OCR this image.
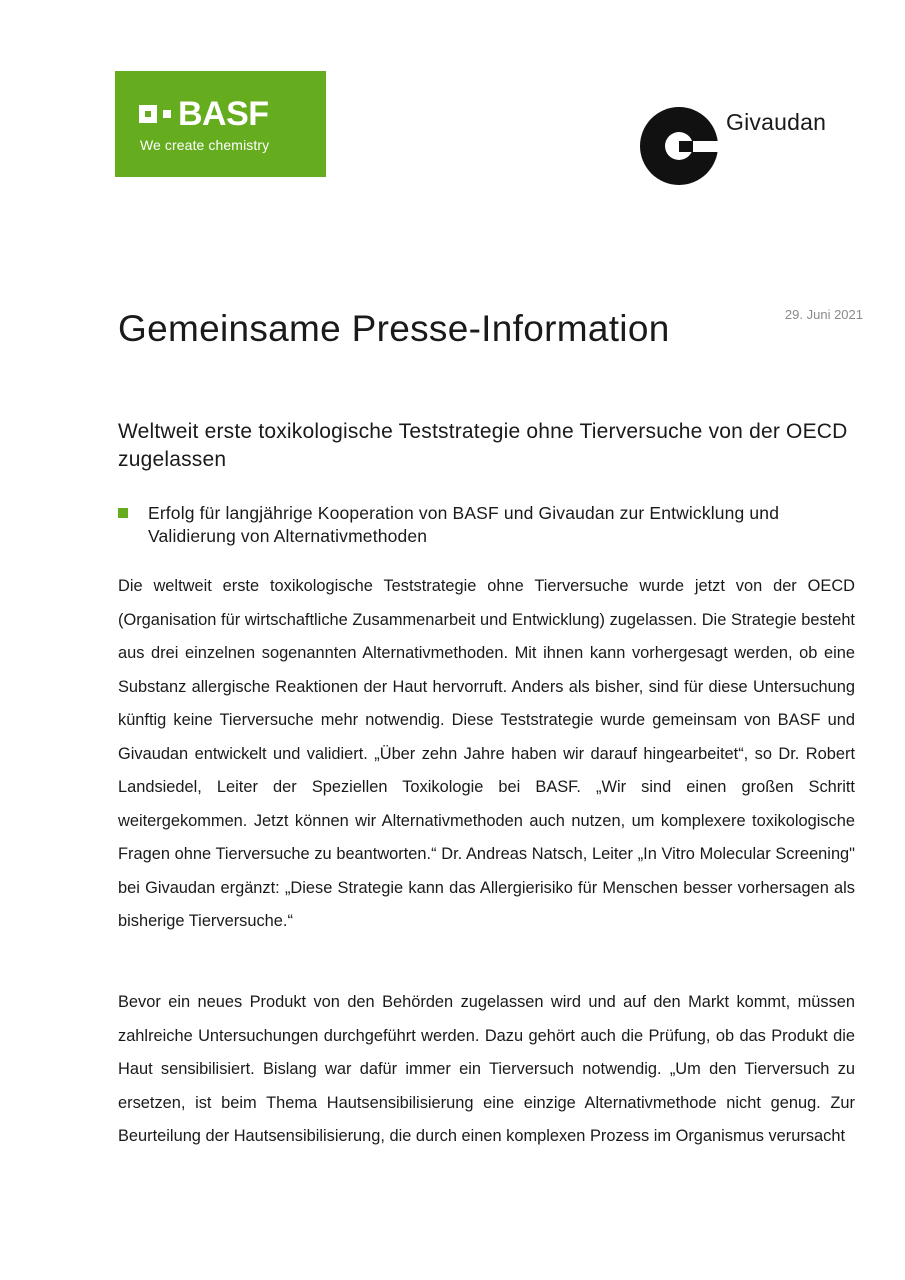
BASF
We create chemistry
Givaudan
29. Juni 2021
Gemeinsame Presse-Information
Weltweit erste toxikologische Teststrategie ohne Tierversuche von der OECD zugelassen
Erfolg für langjährige Kooperation von BASF und Givaudan zur Entwicklung und Validierung von Alternativmethoden

Die weltweit erste toxikologische Teststrategie ohne Tierversuche wurde jetzt von der OECD (Organisation für wirtschaftliche Zusammenarbeit und Entwicklung) zugelassen. Die Strategie besteht aus drei einzelnen sogenannten Alternativmethoden. Mit ihnen kann vorhergesagt werden, ob eine Substanz allergische Reaktionen der Haut hervorruft. Anders als bisher, sind für diese Untersuchung künftig keine Tierversuche mehr notwendig. Diese Teststrategie wurde gemeinsam von BASF und Givaudan entwickelt und validiert. „Über zehn Jahre haben wir darauf hingearbeitet“, so Dr. Robert Landsiedel, Leiter der Speziellen Toxikologie bei BASF. „Wir sind einen großen Schritt weitergekommen. Jetzt können wir Alternativmethoden auch nutzen, um komplexere toxikologische Fragen ohne Tierversuche zu beantworten.“ Dr. Andreas Natsch, Leiter „In Vitro Molecular Screening" bei Givaudan ergänzt: „Diese Strategie kann das Allergierisiko für Menschen besser vorhersagen als bisherige Tierversuche.“

Bevor ein neues Produkt von den Behörden zugelassen wird und auf den Markt kommt, müssen zahlreiche Untersuchungen durchgeführt werden. Dazu gehört auch die Prüfung, ob das Produkt die Haut sensibilisiert. Bislang war dafür immer ein Tierversuch notwendig. „Um den Tierversuch zu ersetzen, ist beim Thema Hautsensibilisierung eine einzige Alternativmethode nicht genug. Zur Beurteilung der Hautsensibilisierung, die durch einen komplexen Prozess im Organismus verursacht
